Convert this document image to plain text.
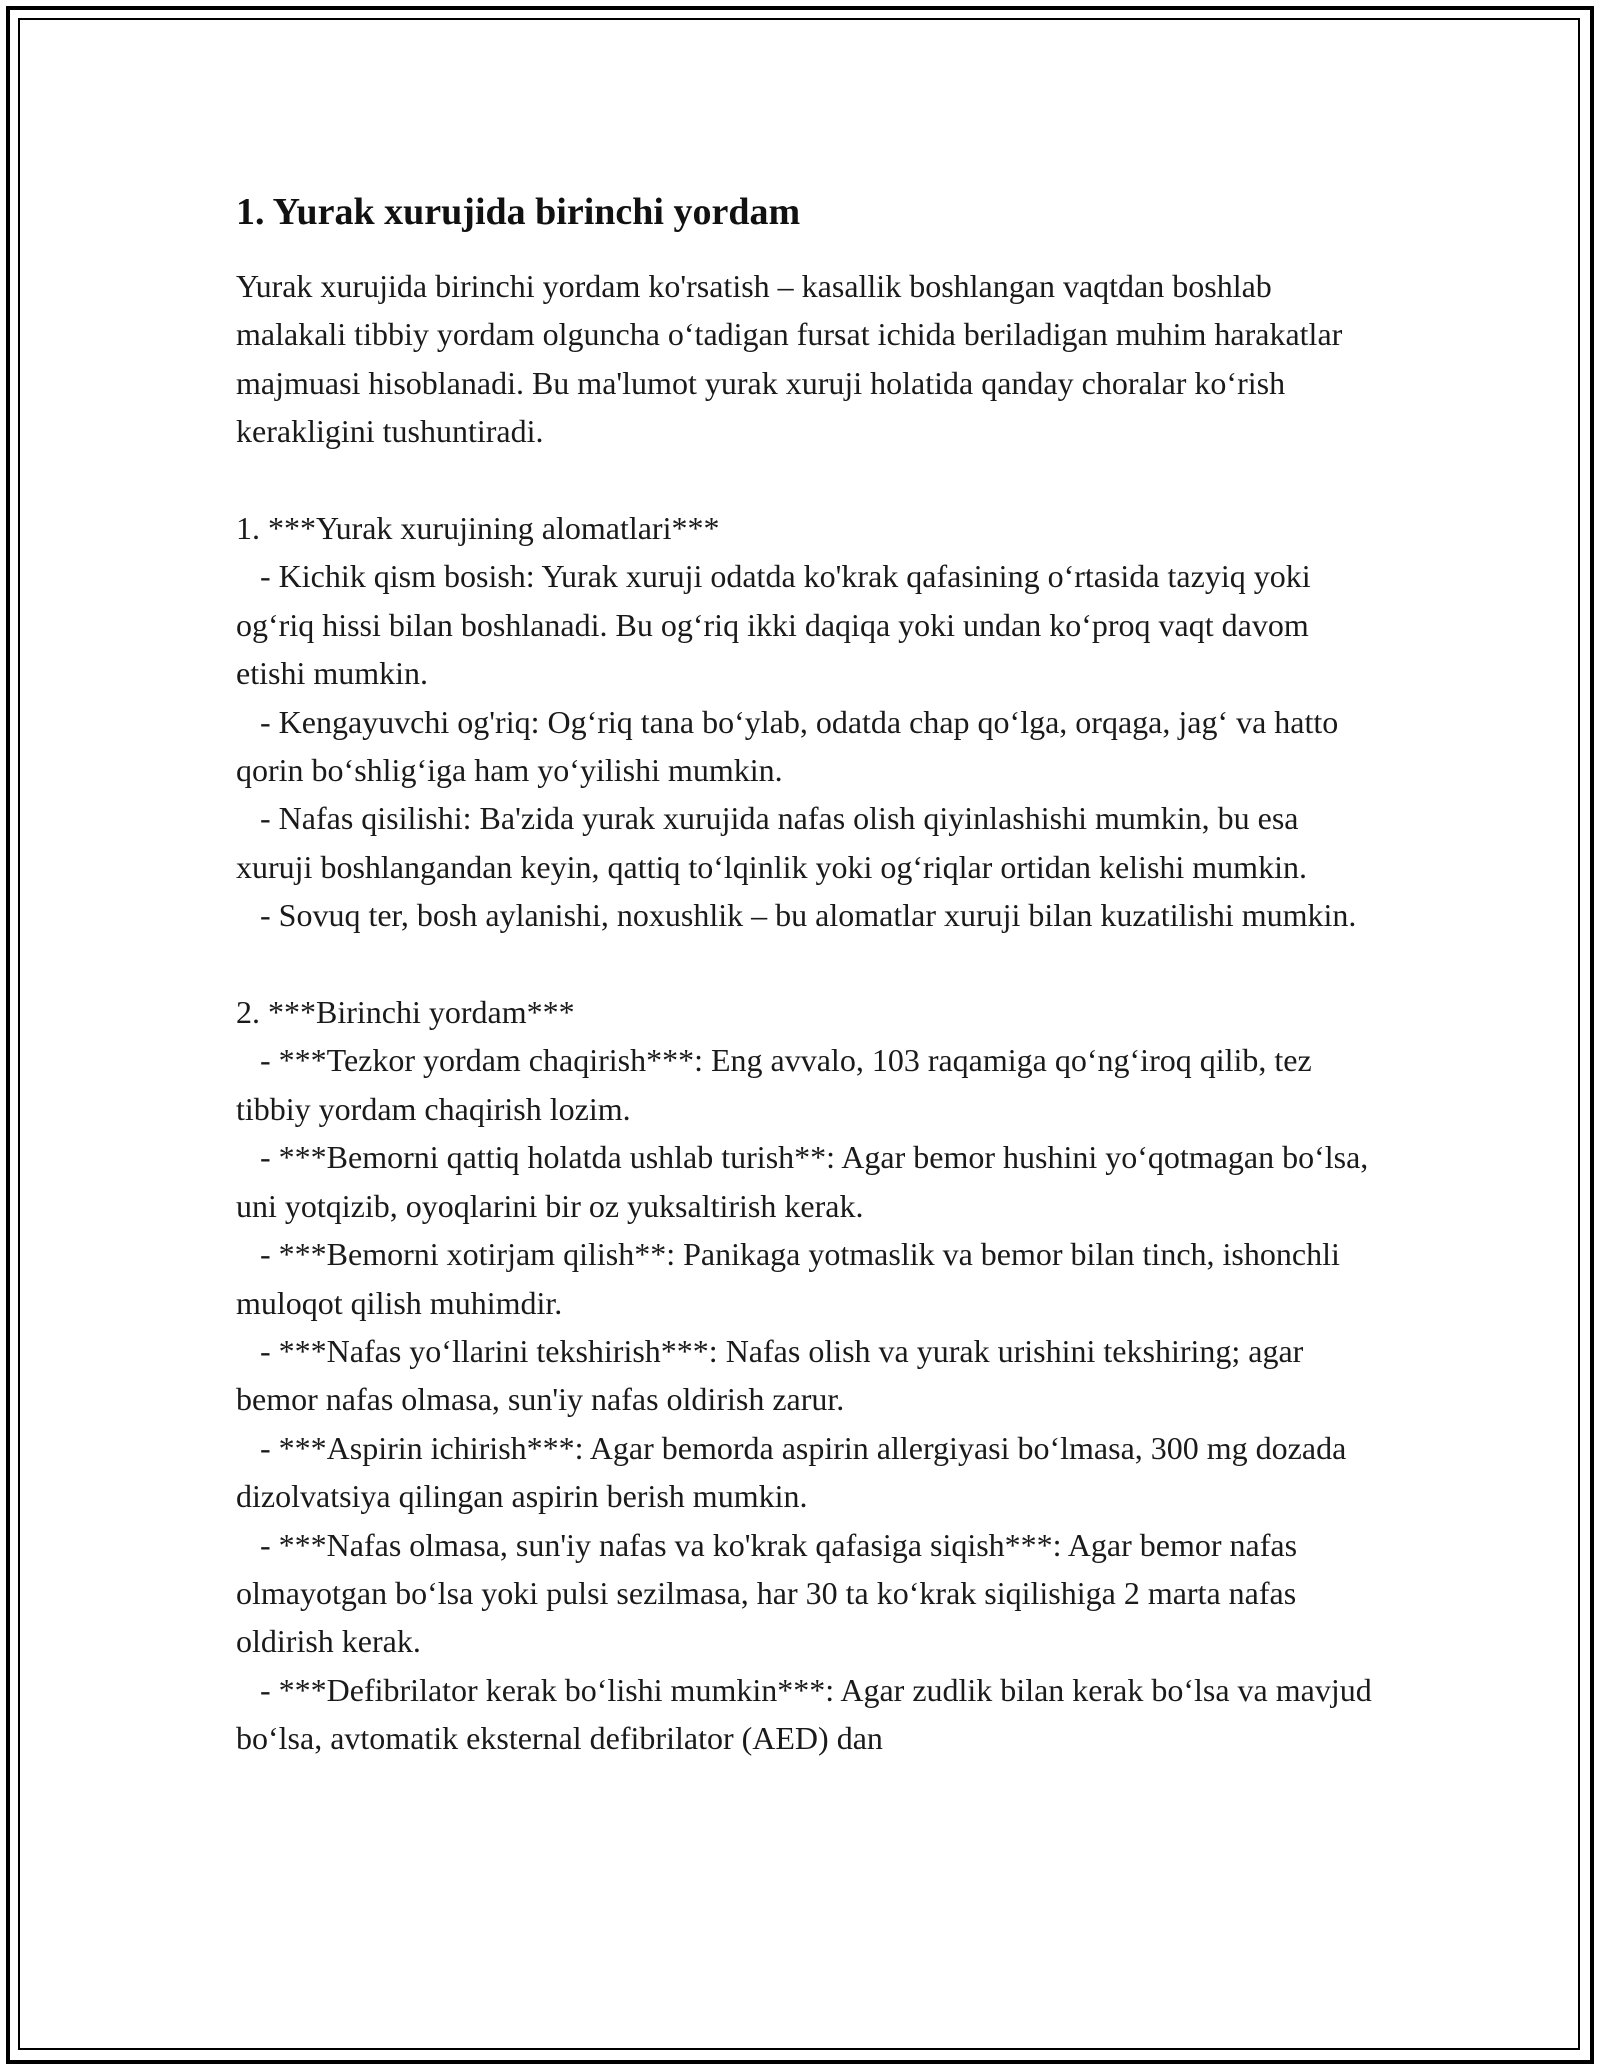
1. Yurak xurujida birinchi yordam

Yurak xurujida birinchi yordam ko'rsatish – kasallik boshlangan vaqtdan boshlab malakali tibbiy yordam olguncha o‘tadigan fursat ichida beriladigan muhim harakatlar majmuasi hisoblanadi. Bu ma'lumot yurak xuruji holatida qanday choralar ko‘rish kerakligini tushuntiradi.

1. ***Yurak xurujining alomatlari***

- Kichik qism bosish: Yurak xuruji odatda ko'krak qafasining o‘rtasida tazyiq yoki og‘riq hissi bilan boshlanadi. Bu og‘riq ikki daqiqa yoki undan ko‘proq vaqt davom etishi mumkin.

- Kengayuvchi og'riq: Og‘riq tana bo‘ylab, odatda chap qo‘lga, orqaga, jag‘ va hatto qorin bo‘shlig‘iga ham yo‘yilishi mumkin.

- Nafas qisilishi: Ba'zida yurak xurujida nafas olish qiyinlashishi mumkin, bu esa xuruji boshlangandan keyin, qattiq to‘lqinlik yoki og‘riqlar ortidan kelishi mumkin.

- Sovuq ter, bosh aylanishi, noxushlik – bu alomatlar xuruji bilan kuzatilishi mumkin.

2. ***Birinchi yordam***

- ***Tezkor yordam chaqirish***: Eng avvalo, 103 raqamiga qo‘ng‘iroq qilib, tez tibbiy yordam chaqirish lozim.

- ***Bemorni qattiq holatda ushlab turish**: Agar bemor hushini yo‘qotmagan bo‘lsa, uni yotqizib, oyoqlarini bir oz yuksaltirish kerak.

- ***Bemorni xotirjam qilish**: Panikaga yotmaslik va bemor bilan tinch, ishonchli muloqot qilish muhimdir.

- ***Nafas yo‘llarini tekshirish***: Nafas olish va yurak urishini tekshiring; agar bemor nafas olmasa, sun'iy nafas oldirish zarur.

- ***Aspirin ichirish***: Agar bemorda aspirin allergiyasi bo‘lmasa, 300 mg dozada dizolvatsiya qilingan aspirin berish mumkin.

- ***Nafas olmasa, sun'iy nafas va ko'krak qafasiga siqish***: Agar bemor nafas olmayotgan bo‘lsa yoki pulsi sezilmasa, har 30 ta ko‘krak siqilishiga 2 marta nafas oldirish kerak.

- ***Defibrilator kerak bo‘lishi mumkin***: Agar zudlik bilan kerak bo‘lsa va mavjud bo‘lsa, avtomatik eksternal defibrilator (AED) dan
